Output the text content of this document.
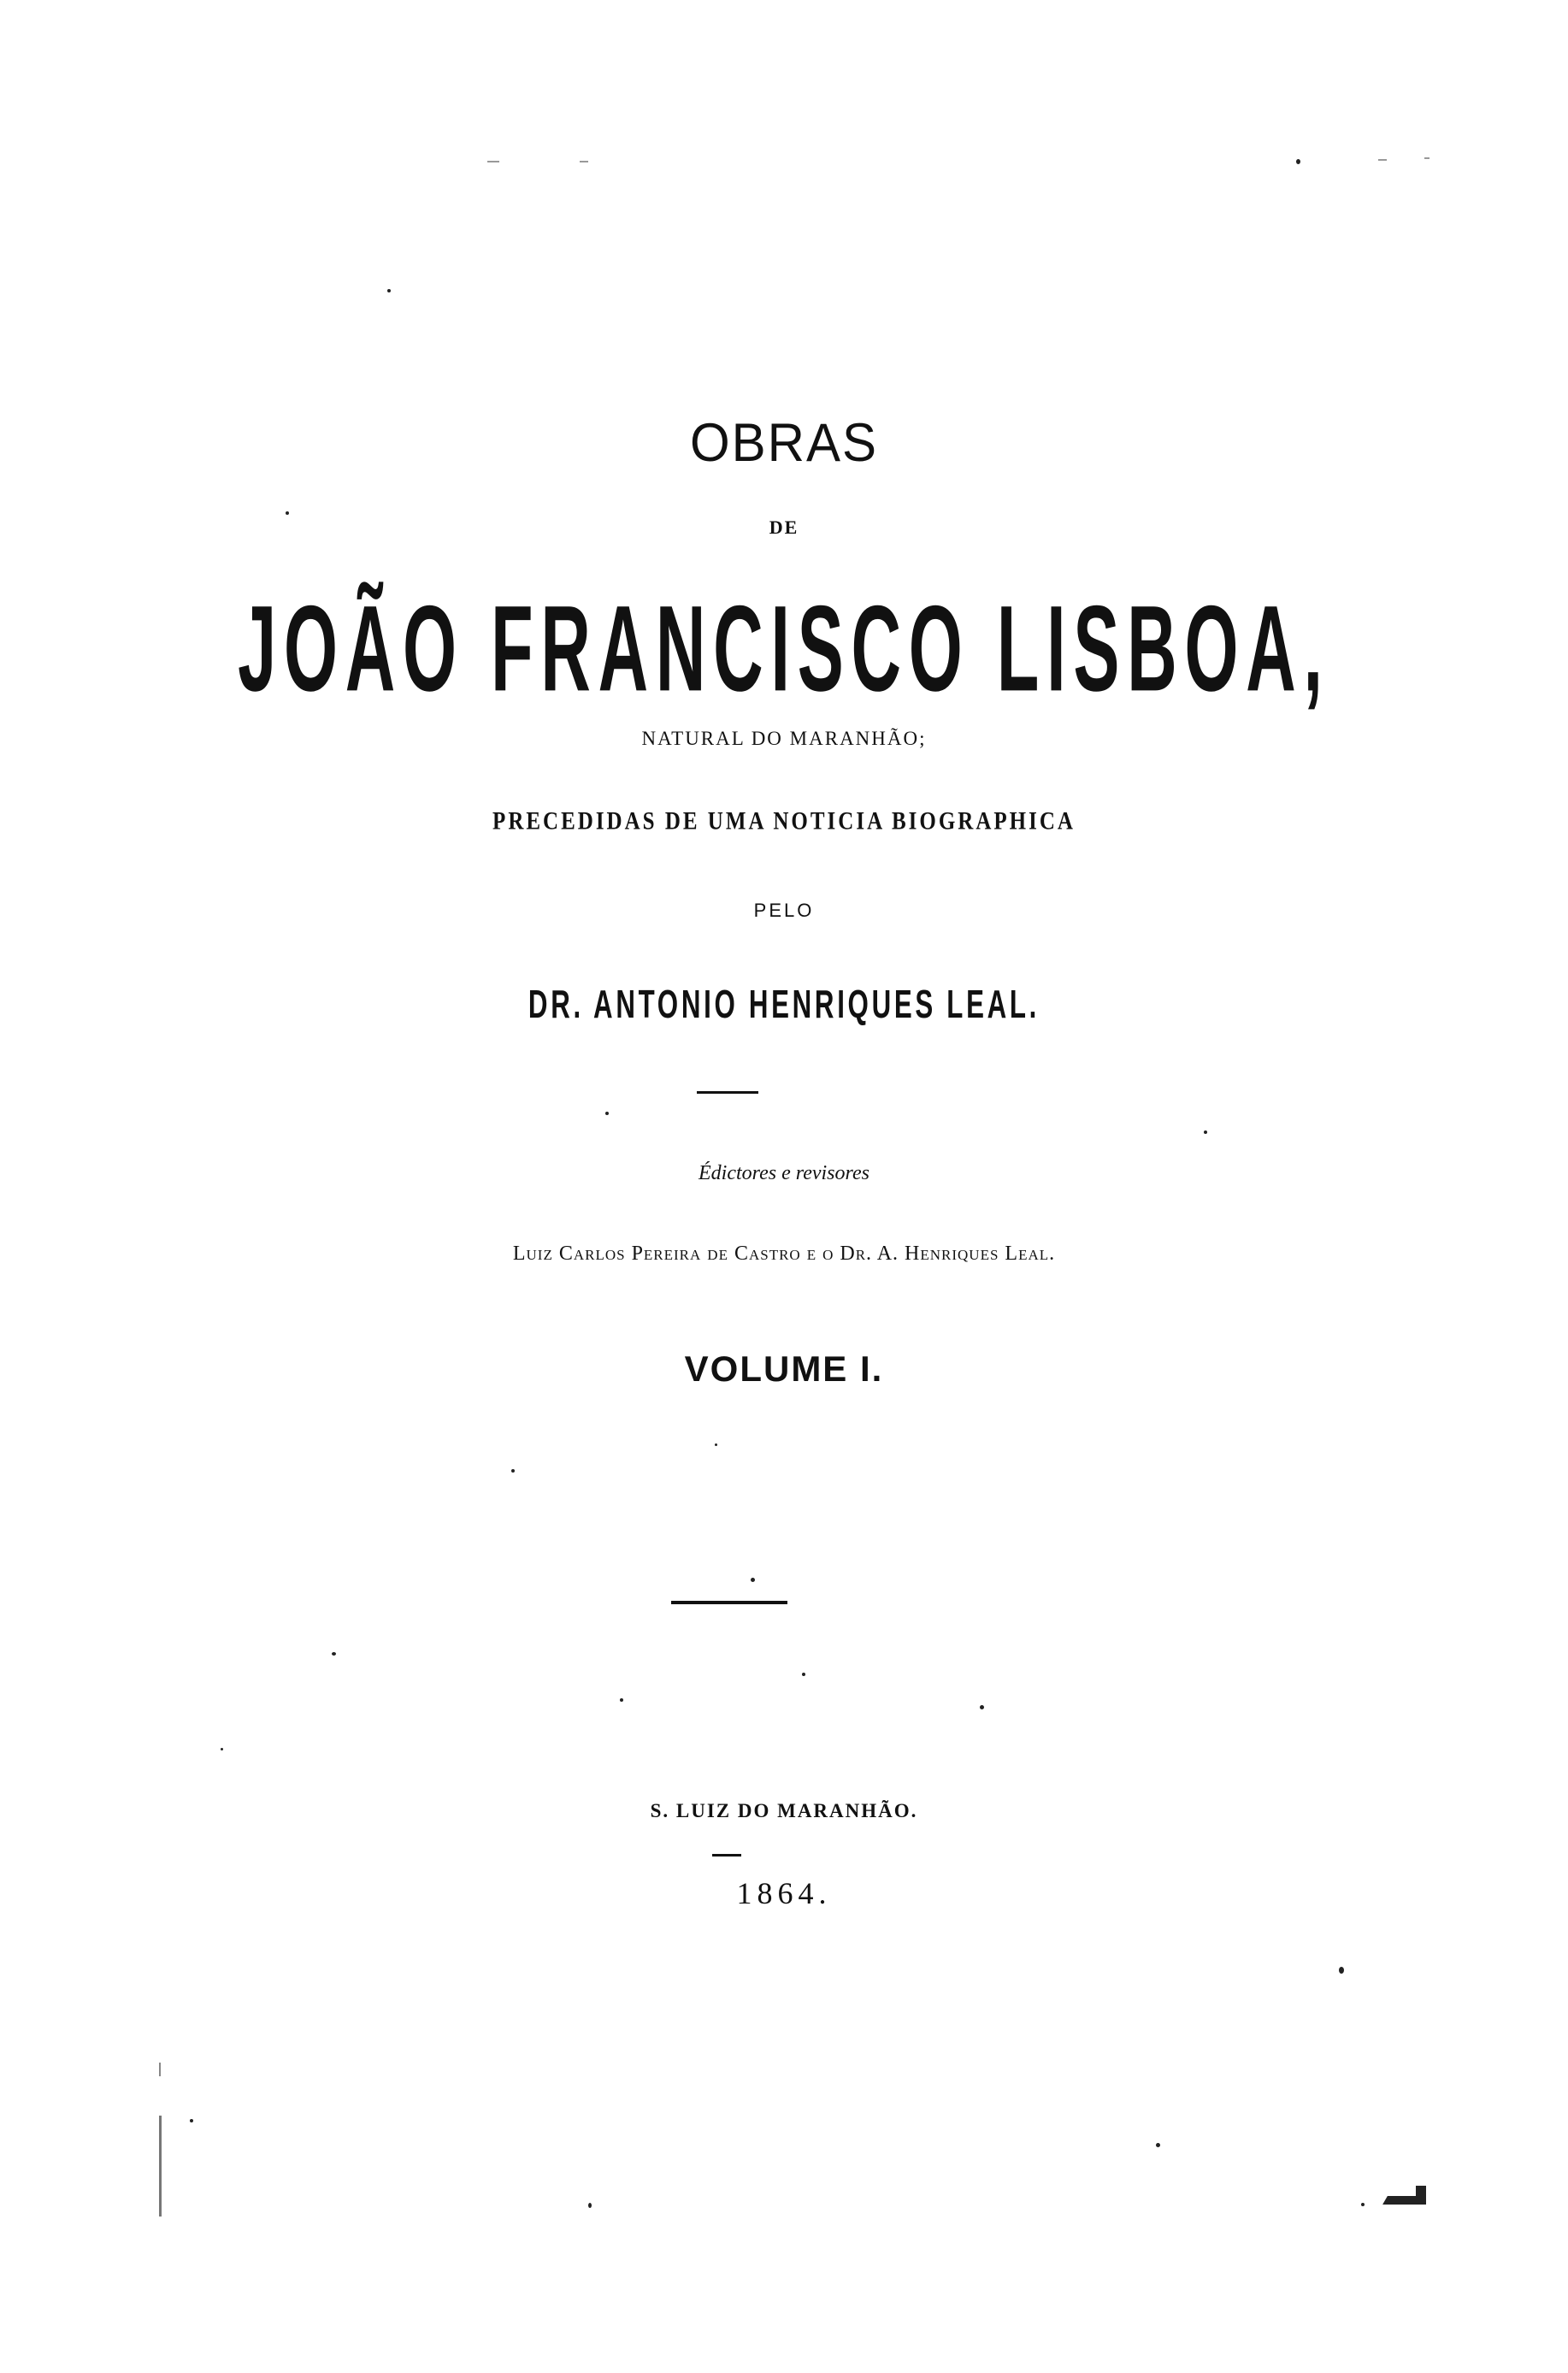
OBRAS
DE
JOÃO FRANCISCO LISBOA,
NATURAL DO MARANHÃO;
PRECEDIDAS DE UMA NOTICIA BIOGRAPHICA
PELO
DR. ANTONIO HENRIQUES LEAL.
Édictores e revisores
Luiz Carlos Pereira de Castro e o Dr. A. Henriques Leal.
VOLUME I.
S. LUIZ DO MARANHÃO.
1864.
